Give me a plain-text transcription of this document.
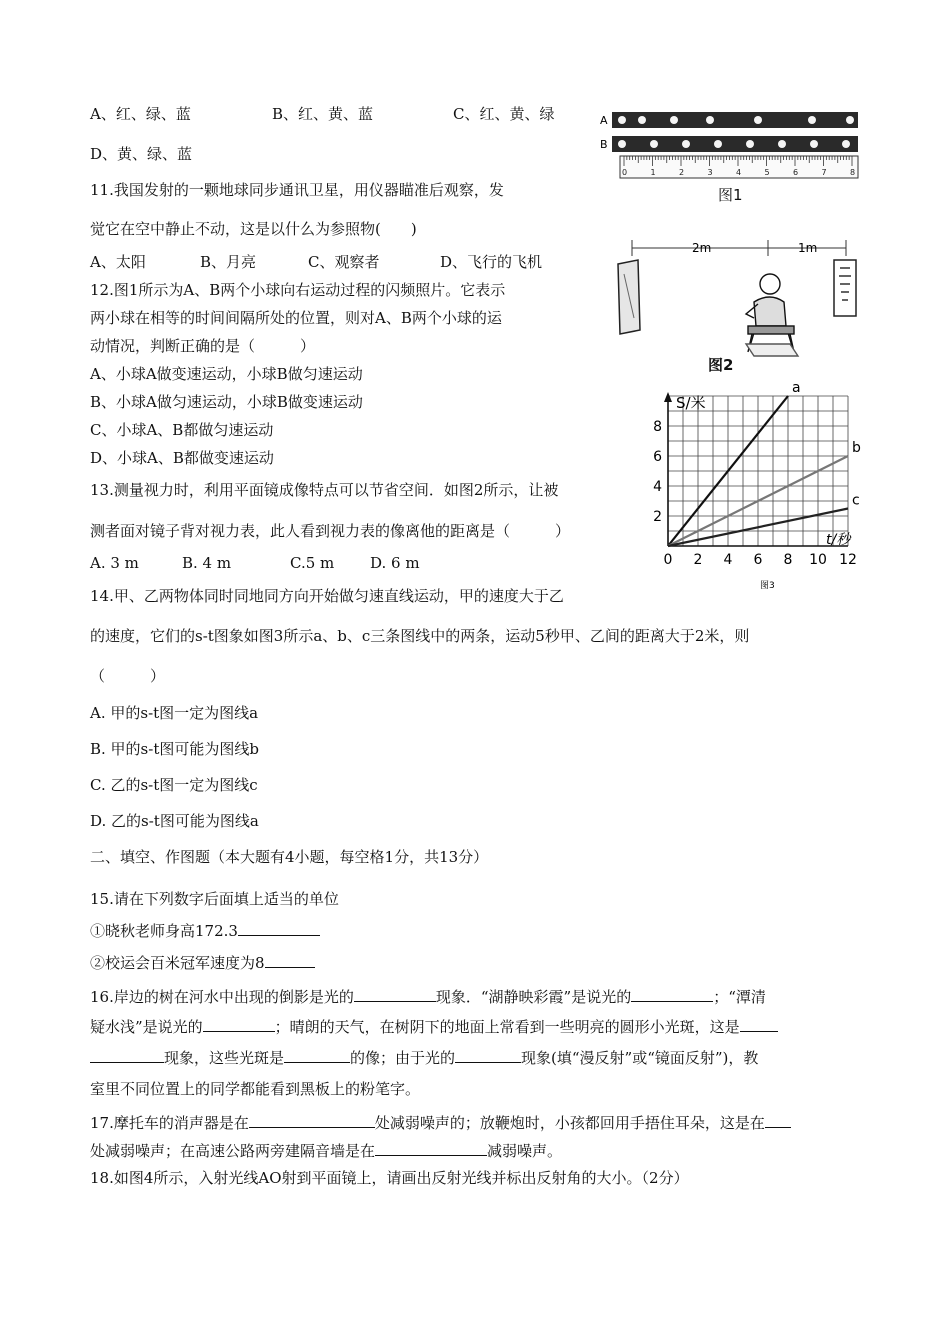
A、红、绿、蓝	B、红、黄、蓝	C、红、黄、绿
D、黄、绿、蓝
11.我国发射的一颗地球同步通讯卫星，用仪器瞄准后观察，发
觉它在空中静止不动，这是以什么为参照物(　　)
A、太阳	B、月亮	C、观察者	D、飞行的飞机
12.图1所示为A、B两个小球向右运动过程的闪频照片。它表示
两小球在相等的时间间隔所处的位置，则对A、B两个小球的运
动情况，判断正确的是（　　　）
A、小球A做变速运动，小球B做匀速运动
B、小球A做匀速运动，小球B做变速运动
C、小球A、B都做匀速运动
D、小球A、B都做变速运动
13.测量视力时，利用平面镜成像特点可以节省空间．如图2所示，让被
测者面对镜子背对视力表，此人看到视力表的像离他的距离是（　　　）
A. 3 m	B. 4 m	C.5 m D. 6 m
14.甲、乙两物体同时同地同方向开始做匀速直线运动，甲的速度大于乙
的速度，它们的s-t图象如图3所示a、b、c三条图线中的两条，运动5秒甲、乙间的距离大于2米，则
（　　　）
A. 甲的s-t图一定为图线a
B. 甲的s-t图可能为图线b
C. 乙的s-t图一定为图线c
D. 乙的s-t图可能为图线a
二、填空、作图题（本大题有4小题，每空格1分，共13分）
15.请在下列数字后面填上适当的单位
①晓秋老师身高172.3
②校运会百米冠军速度为8
16.岸边的树在河水中出现的倒影是光的	现象．“湖静映彩霞”是说光的	；“潭清
疑水浅”是说光的	；晴朗的天气，在树阴下的地面上常看到一些明亮的圆形小光斑，这是
现象，这些光斑是	的像；由于光的	现象(填“漫反射”或“镜面反射”)，教
室里不同位置上的同学都能看到黑板上的粉笔字。
17.摩托车的消声器是在	处减弱噪声的；放鞭炮时，小孩都回用手捂住耳朵，这是在
处减弱噪声；在高速公路两旁建隔音墙是在	减弱噪声。
18.如图4所示，入射光线AO射到平面镜上，请画出反射光线并标出反射角的大小。（2分）
A
B
0	1	2	3	4	5	6	7	8
图1
2m	1m
图2
S/米
t/秒
0 2 4 6 8 10 12
2
4
6
8
a
b
c
图3
